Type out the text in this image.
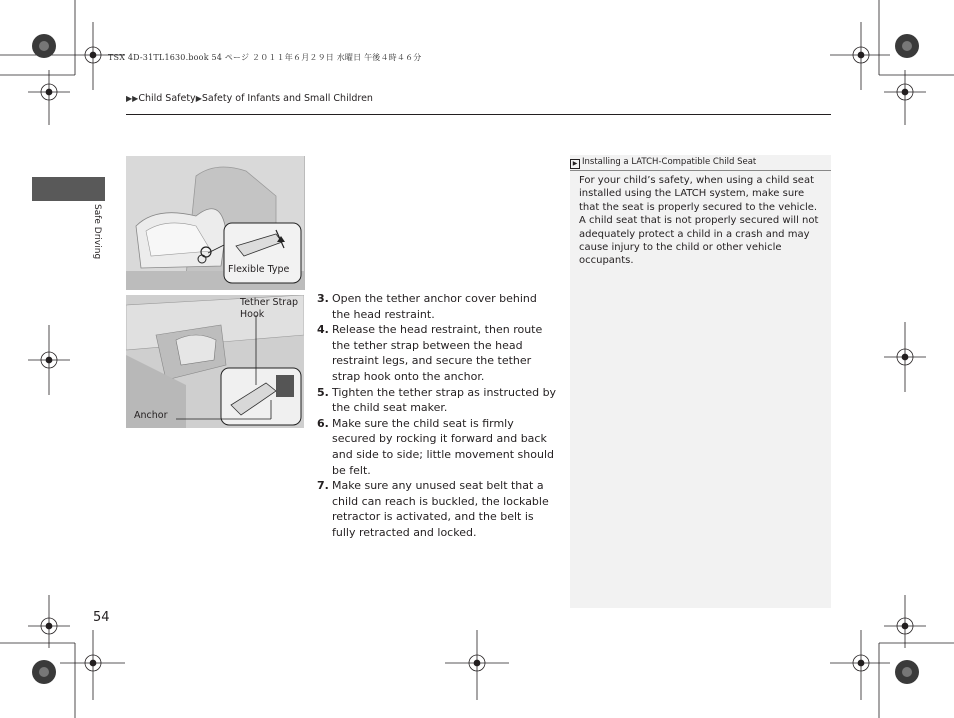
TSX 4D-31TL1630.book 54 ページ ２０１１年６月２９日 水曜日 午後４時４６分
▶▶Child Safety▶Safety of Infants and Small Children
Safe Driving
Flexible Type
Tether Strap Hook
Anchor
3. Open the tether anchor cover behind the head restraint.
4. Release the head restraint, then route the tether strap between the head restraint legs, and secure the tether strap hook onto the anchor.
5. Tighten the tether strap as instructed by the child seat maker.
6. Make sure the child seat is firmly secured by rocking it forward and back and side to side; little movement should be felt.
7. Make sure any unused seat belt that a child can reach is buckled, the lockable retractor is activated, and the belt is fully retracted and locked.
▶ Installing a LATCH-Compatible Child Seat
For your child’s safety, when using a child seat installed using the LATCH system, make sure that the seat is properly secured to the vehicle. A child seat that is not properly secured will not adequately protect a child in a crash and may cause injury to the child or other vehicle occupants.
54
